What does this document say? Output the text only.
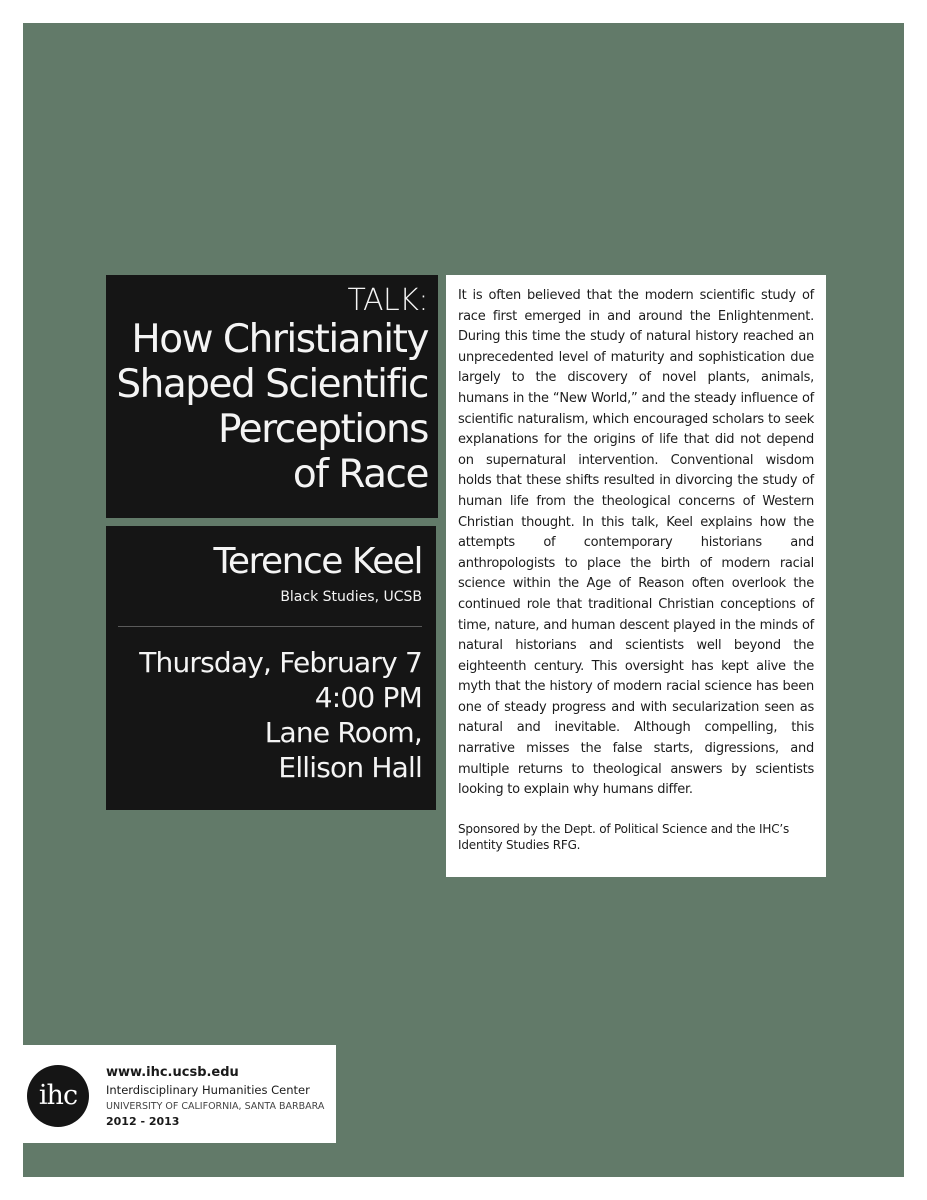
TALK:
How Christianity
Shaped Scientific
Perceptions
of Race
Terence Keel
Black Studies, UCSB
Thursday, February 7
4:00 PM
Lane Room,
Ellison Hall

It is often believed that the modern scientific study of race first emerged in and around the Enlightenment. During this time the study of natural history reached an unprecedented level of maturity and sophistication due largely to the discovery of novel plants, animals, humans in the “New World,” and the steady influence of scientific naturalism, which encouraged scholars to seek explanations for the origins of life that did not depend on supernatural intervention. Conventional wisdom holds that these shifts resulted in divorcing the study of human life from the theological concerns of Western Christian thought. In this talk, Keel explains how the attempts of contemporary historians and anthropologists to place the birth of modern racial science within the Age of Reason often overlook the continued role that traditional Christian conceptions of time, nature, and human descent played in the minds of natural historians and scientists well beyond the eighteenth century. This oversight has kept alive the myth that the history of modern racial science has been one of steady progress and with secularization seen as natural and inevitable. Although compelling, this narrative misses the false starts, digressions, and multiple returns to theological answers by scientists looking to explain why humans differ.

Sponsored by the Dept. of Political Science and the IHC’s Identity Studies RFG.
ihc
www.ihc.ucsb.edu
Interdisciplinary Humanities Center
UNIVERSITY OF CALIFORNIA, SANTA BARBARA
2012 - 2013
